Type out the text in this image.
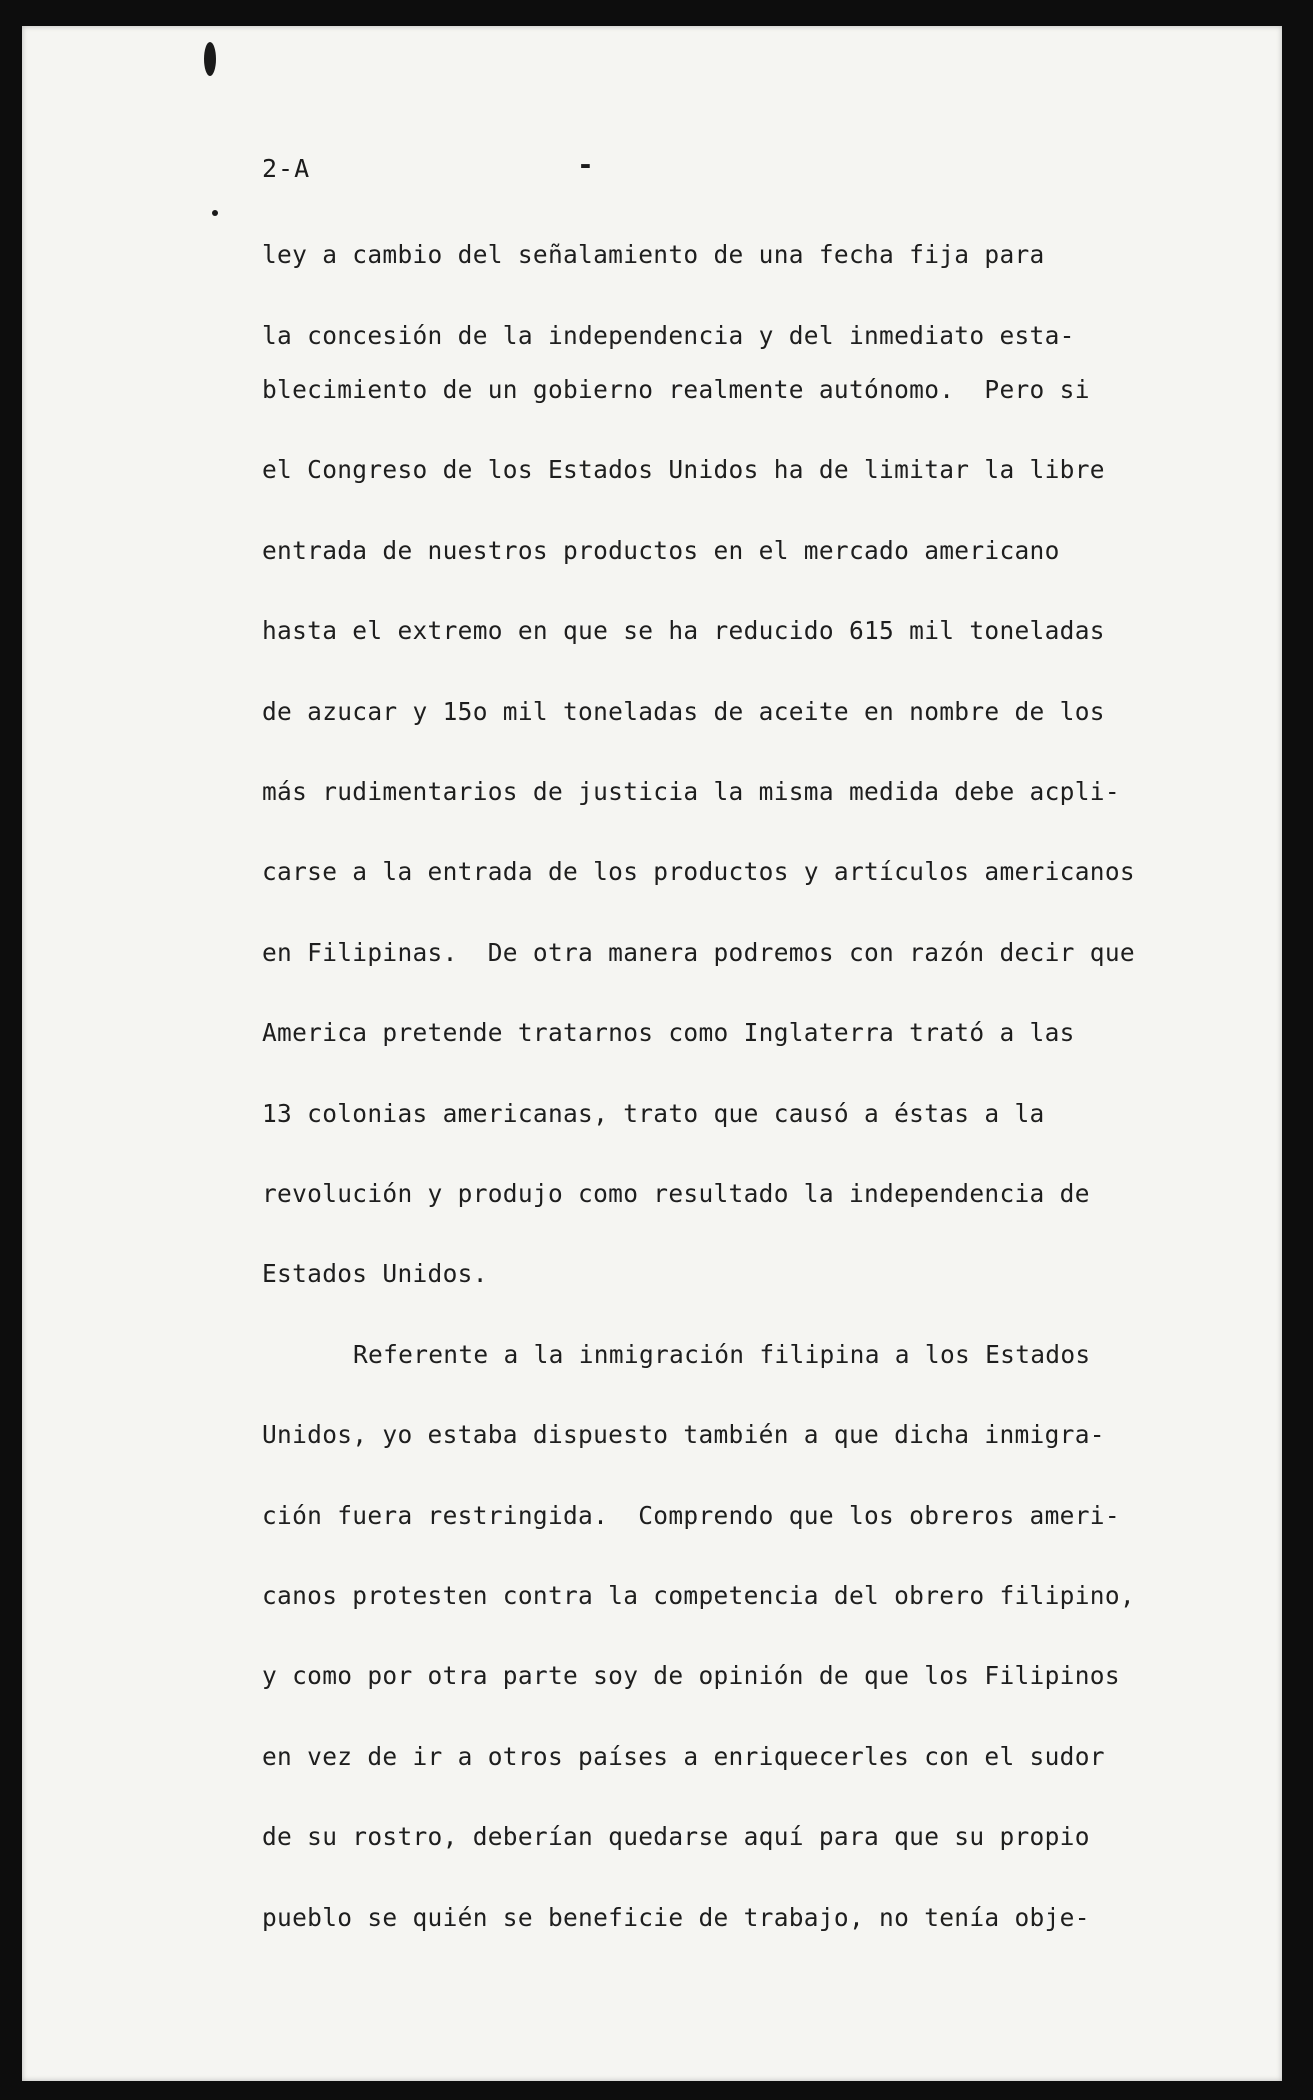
2-A	-
ley a cambio del señalamiento de una fecha fija para
la concesión de la independencia y del inmediato esta-
blecimiento de un gobierno realmente autónomo.  Pero si
el Congreso de los Estados Unidos ha de limitar la libre
entrada de nuestros productos en el mercado americano
hasta el extremo en que se ha reducido 615 mil toneladas
de azucar y 15o mil toneladas de aceite en nombre de los
más rudimentarios de justicia la misma medida debe acpli-
carse a la entrada de los productos y artículos americanos
en Filipinas.  De otra manera podremos con razón decir que
America pretende tratarnos como Inglaterra trató a las
13 colonias americanas, trato que causó a éstas a la
revolución y produjo como resultado la independencia de
Estados Unidos.
Referente a la inmigración filipina a los Estados
Unidos, yo estaba dispuesto también a que dicha inmigra-
ción fuera restringida.  Comprendo que los obreros ameri-
canos protesten contra la competencia del obrero filipino,
y como por otra parte soy de opinión de que los Filipinos
en vez de ir a otros países a enriquecerles con el sudor
de su rostro, deberían quedarse aquí para que su propio
pueblo se quién se beneficie de trabajo, no tenía obje-
